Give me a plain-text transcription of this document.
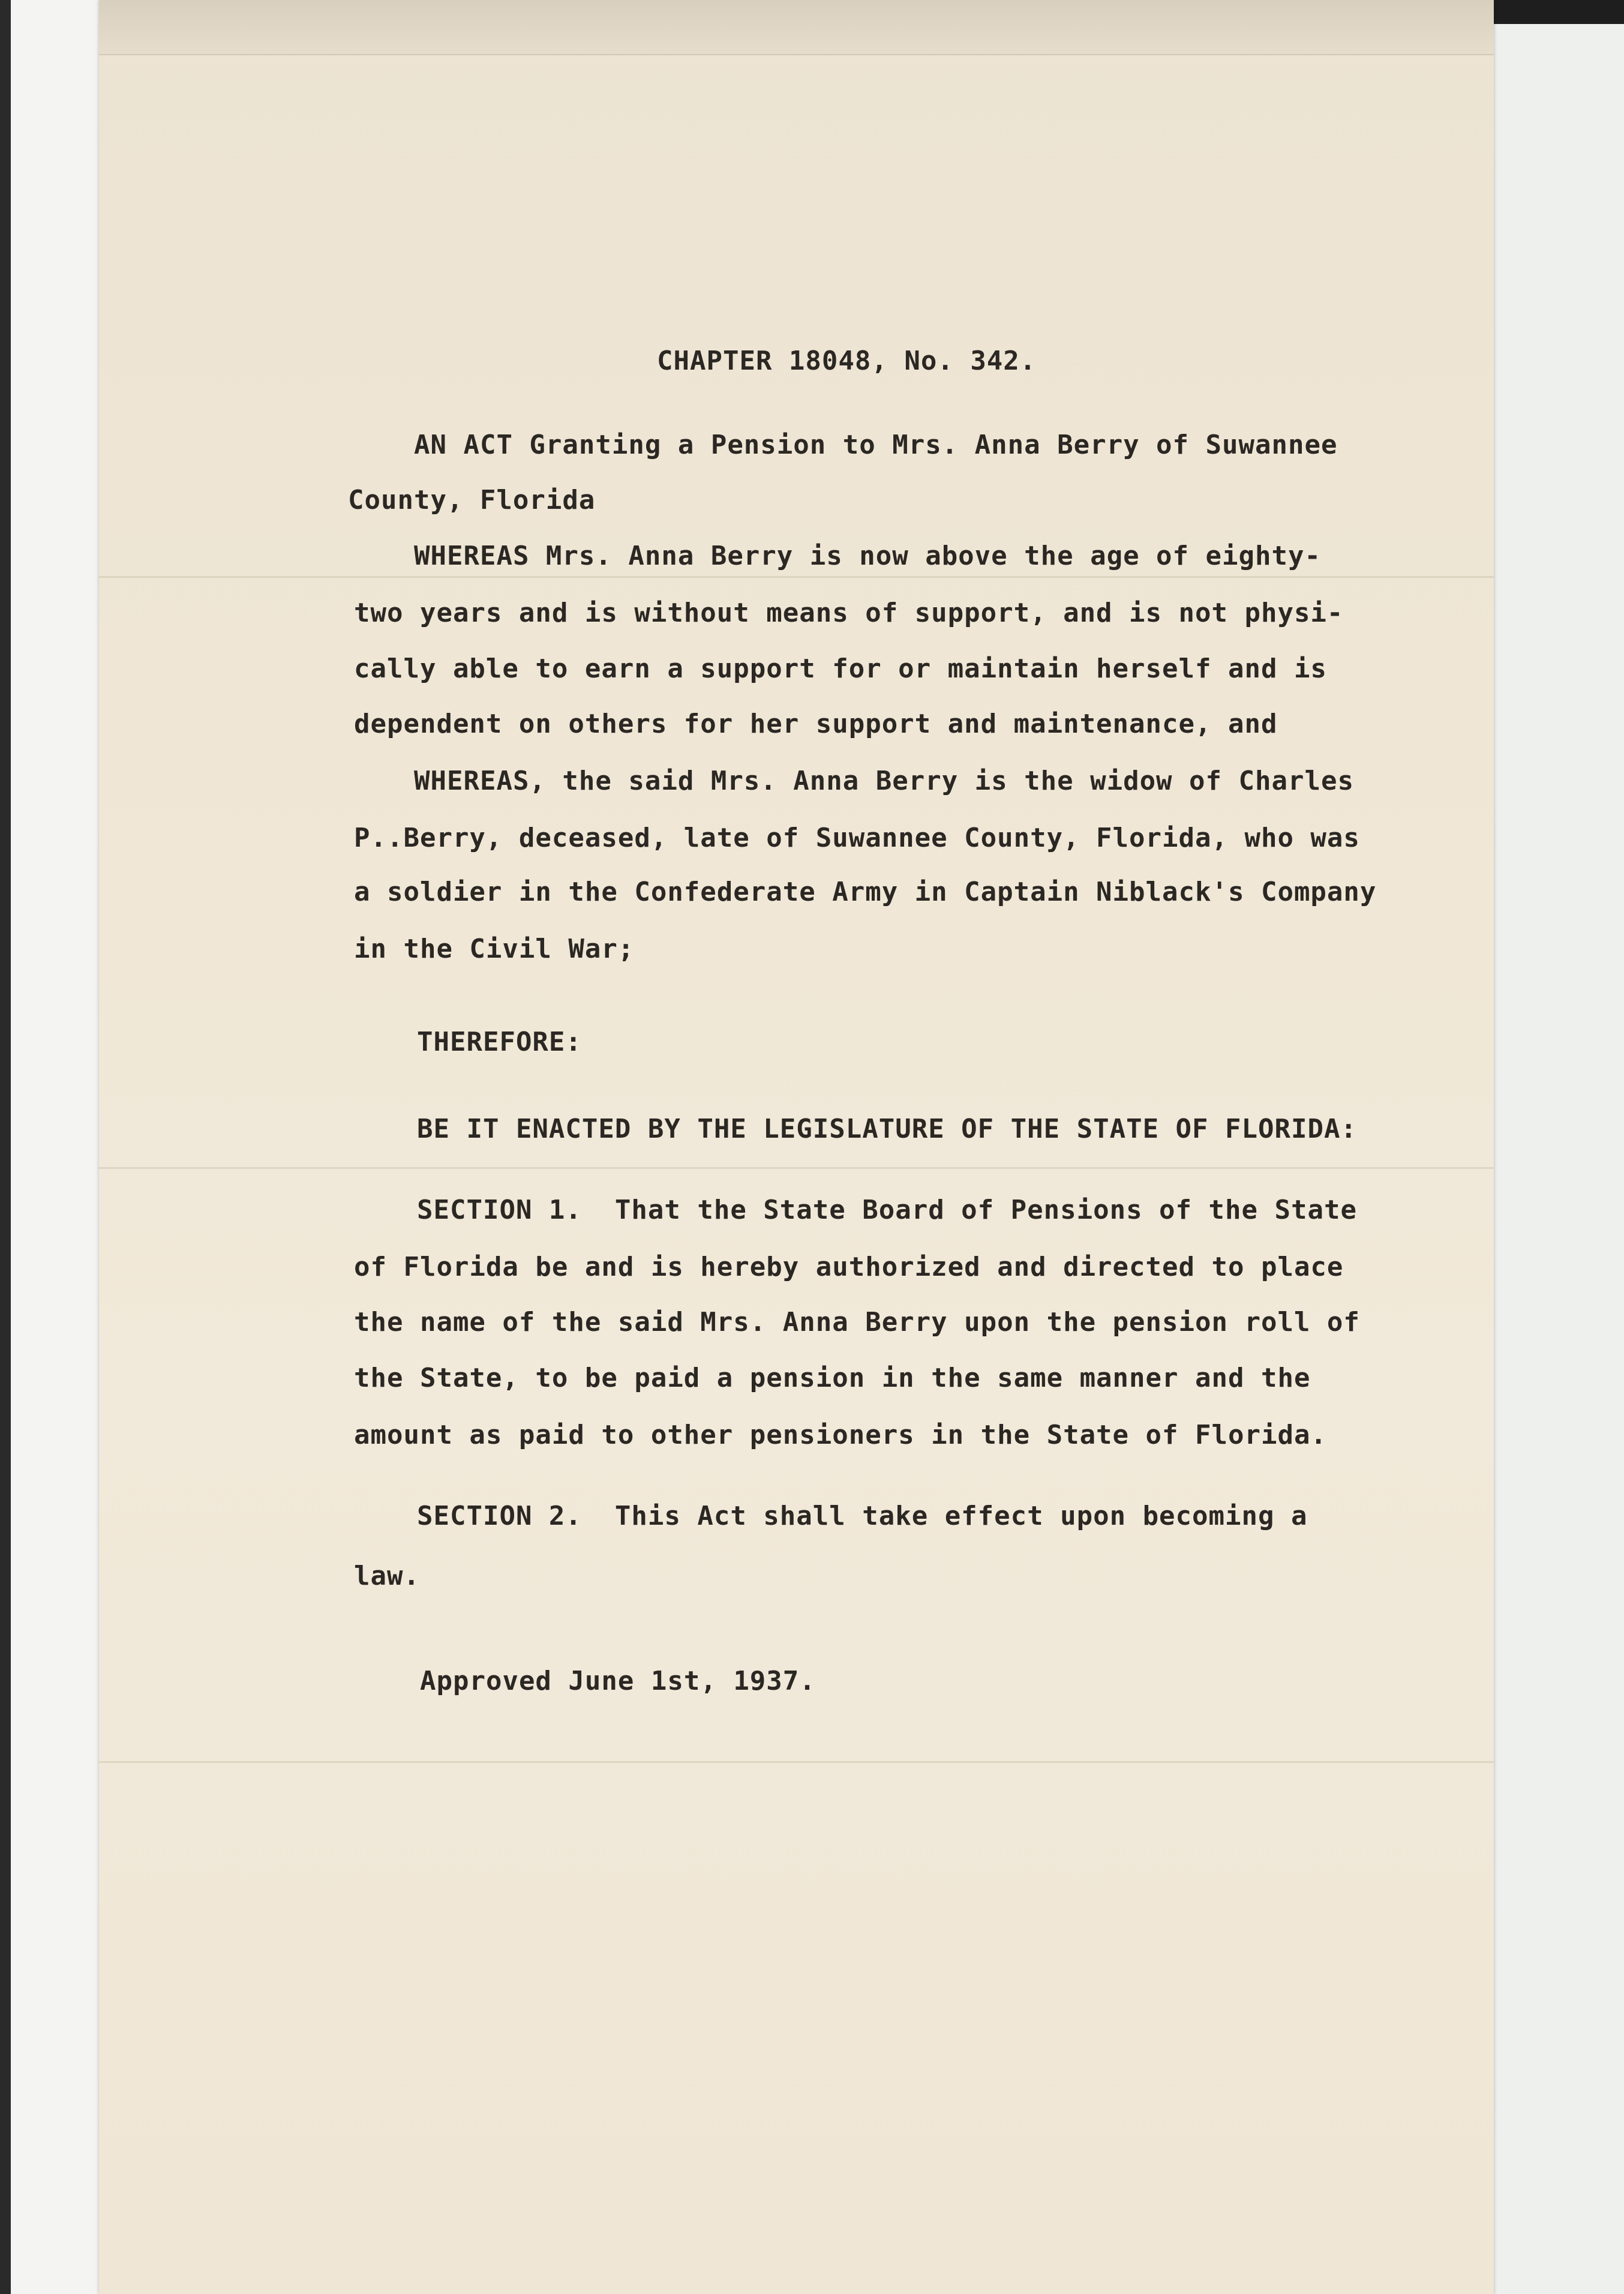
CHAPTER 18048, No. 342.

AN ACT Granting a Pension to Mrs. Anna Berry of Suwannee

County, Florida

WHEREAS Mrs. Anna Berry is now above the age of eighty-

two years and is without means of support, and is not physi-

cally able to earn a support for or maintain herself and is

dependent on others for her support and maintenance, and

WHEREAS, the said Mrs. Anna Berry is the widow of Charles

P..Berry, deceased, late of Suwannee County, Florida, who was

a soldier in the Confederate Army in Captain Niblack's Company

in the Civil War;

THEREFORE:

BE IT ENACTED BY THE LEGISLATURE OF THE STATE OF FLORIDA:

SECTION 1.  That the State Board of Pensions of the State

of Florida be and is hereby authorized and directed to place

the name of the said Mrs. Anna Berry upon the pension roll of

the State, to be paid a pension in the same manner and the

amount as paid to other pensioners in the State of Florida.

SECTION 2.  This Act shall take effect upon becoming a

law.

Approved June 1st, 1937.
